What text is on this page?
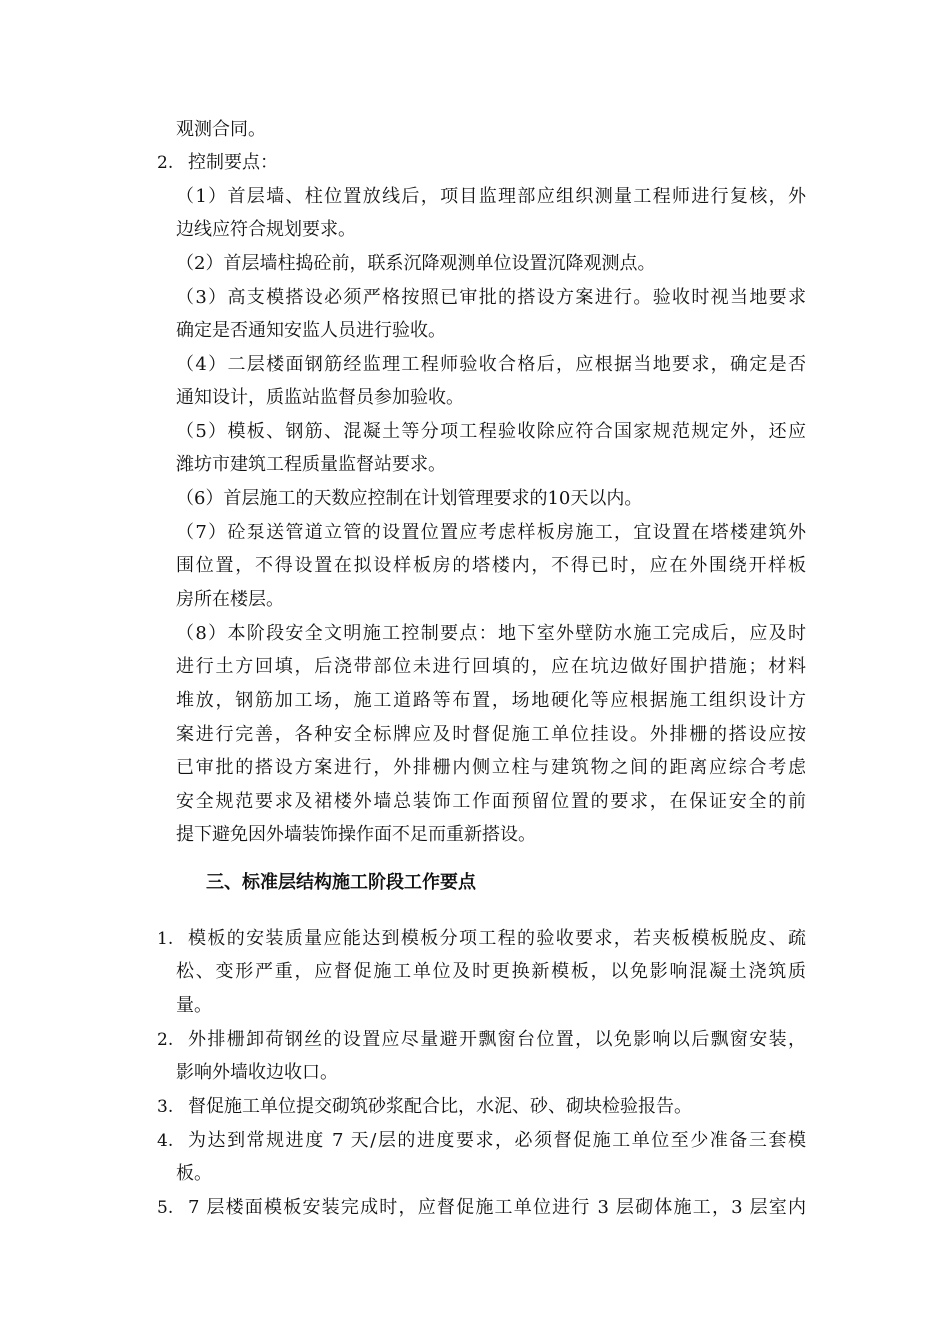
观测合同。
2. 控制要点：
（1）首层墙、柱位置放线后，项目监理部应组织测量工程师进行复核，外
边线应符合规划要求。
（2）首层墙柱捣砼前，联系沉降观测单位设置沉降观测点。
（3）高支模搭设必须严格按照已审批的搭设方案进行。验收时视当地要求
确定是否通知安监人员进行验收。
（4）二层楼面钢筋经监理工程师验收合格后，应根据当地要求，确定是否
通知设计，质监站监督员参加验收。
（5）模板、钢筋、混凝土等分项工程验收除应符合国家规范规定外，还应
潍坊市建筑工程质量监督站要求。
（6）首层施工的天数应控制在计划管理要求的10天以内。
（7）砼泵送管道立管的设置位置应考虑样板房施工，宜设置在塔楼建筑外
围位置，不得设置在拟设样板房的塔楼内，不得已时，应在外围绕开样板
房所在楼层。
（8）本阶段安全文明施工控制要点：地下室外壁防水施工完成后，应及时
进行土方回填，后浇带部位未进行回填的，应在坑边做好围护措施；材料
堆放，钢筋加工场，施工道路等布置，场地硬化等应根据施工组织设计方
案进行完善，各种安全标牌应及时督促施工单位挂设。外排栅的搭设应按
已审批的搭设方案进行，外排栅内侧立柱与建筑物之间的距离应综合考虑
安全规范要求及裙楼外墙总装饰工作面预留位置的要求，在保证安全的前
提下避免因外墙装饰操作面不足而重新搭设。
三、标准层结构施工阶段工作要点
1. 模板的安装质量应能达到模板分项工程的验收要求，若夹板模板脱皮、疏
松、变形严重，应督促施工单位及时更换新模板，以免影响混凝土浇筑质
量。
2. 外排栅卸荷钢丝的设置应尽量避开飘窗台位置，以免影响以后飘窗安装，
影响外墙收边收口。
3. 督促施工单位提交砌筑砂浆配合比，水泥、砂、砌块检验报告。
4. 为达到常规进度 7 天/层的进度要求，必须督促施工单位至少准备三套模
板。
5. 7 层楼面模板安装完成时，应督促施工单位进行 3 层砌体施工，3 层室内
